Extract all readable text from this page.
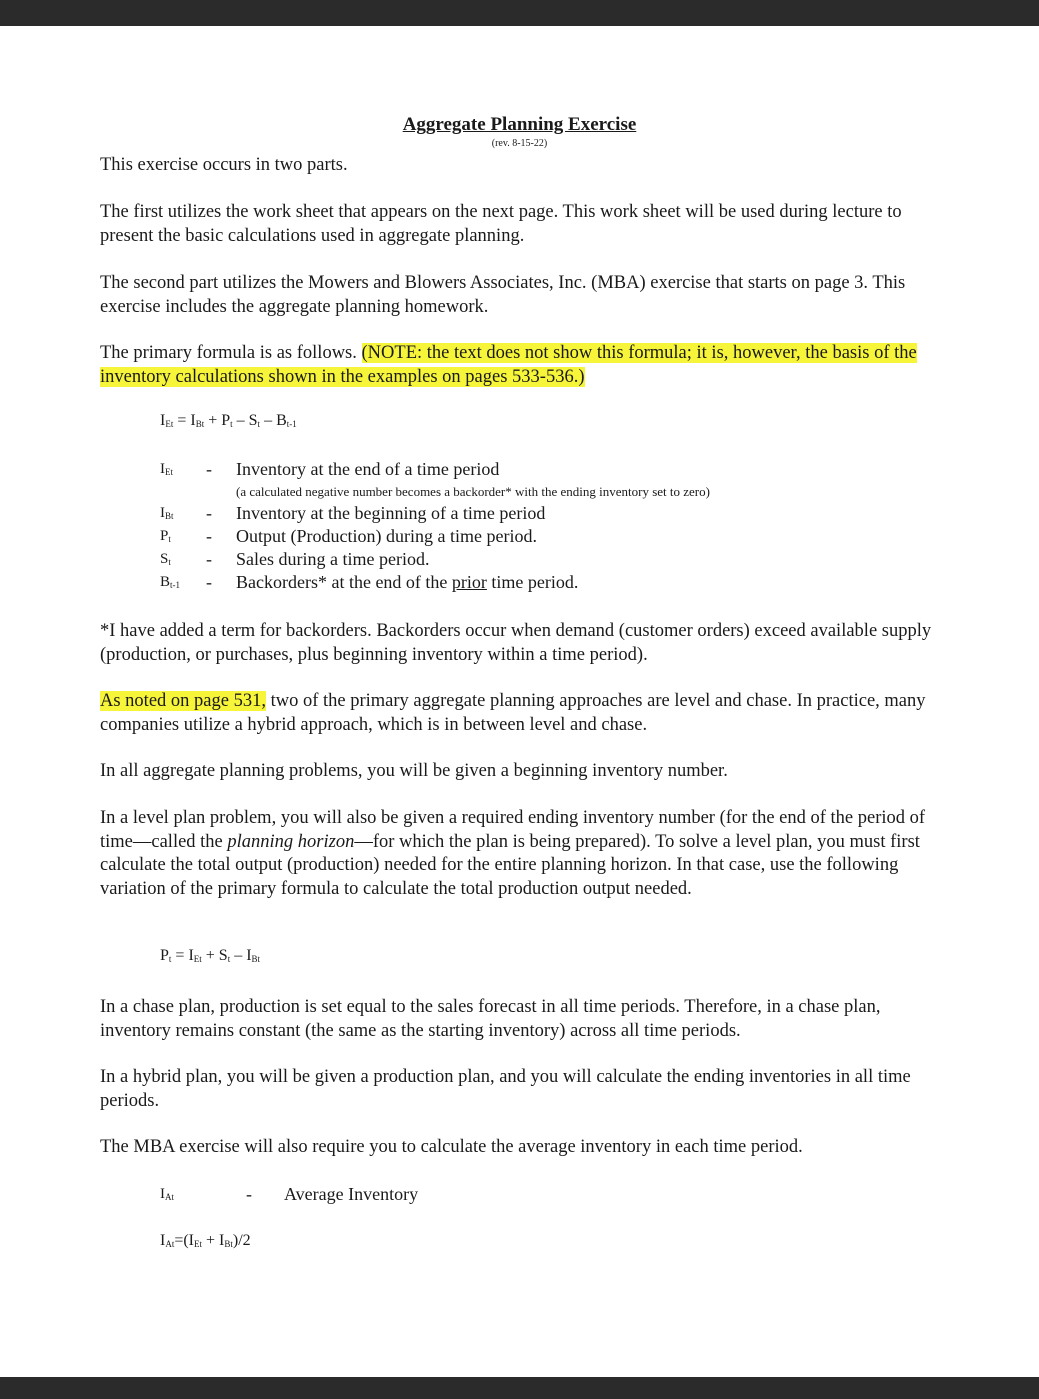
Aggregate Planning Exercise
(rev. 8-15-22)
This exercise occurs in two parts.
The first utilizes the work sheet that appears on the next page. This work sheet will be used during lecture to present the basic calculations used in aggregate planning.
The second part utilizes the Mowers and Blowers Associates, Inc. (MBA) exercise that starts on page 3. This exercise includes the aggregate planning homework.
The primary formula is as follows. (NOTE: the text does not show this formula; it is, however, the basis of the inventory calculations shown in the examples on pages 533-536.)
$I_{Et} = I_{Bt} + P_t - S_t - B_{t-1}$
$I_{Et}$	- Inventory at the end of a time period
(a calculated negative number becomes a backorder* with the ending inventory set to zero)
$I_{Bt}$	- Inventory at the beginning of a time period
$P_t$	- Output (Production) during a time period.
$S_t$	- Sales during a time period.
$B_{t-1}$	- Backorders* at the end of the prior time period.
*I have added a term for backorders. Backorders occur when demand (customer orders) exceed available supply (production, or purchases, plus beginning inventory within a time period).
As noted on page 531, two of the primary aggregate planning approaches are level and chase. In practice, many companies utilize a hybrid approach, which is in between level and chase.
In all aggregate planning problems, you will be given a beginning inventory number.
In a level plan problem, you will also be given a required ending inventory number (for the end of the period of time—called the planning horizon—for which the plan is being prepared). To solve a level plan, you must first calculate the total output (production) needed for the entire planning horizon. In that case, use the following variation of the primary formula to calculate the total production output needed.
$P_t = I_{Et} + S_t - I_{Bt}$
In a chase plan, production is set equal to the sales forecast in all time periods. Therefore, in a chase plan, inventory remains constant (the same as the starting inventory) across all time periods.
In a hybrid plan, you will be given a production plan, and you will calculate the ending inventories in all time periods.
The MBA exercise will also require you to calculate the average inventory in each time period.
$I_{At}$	- Average Inventory
$I_{At}=(I_{Et} + I_{Bt})/2$
